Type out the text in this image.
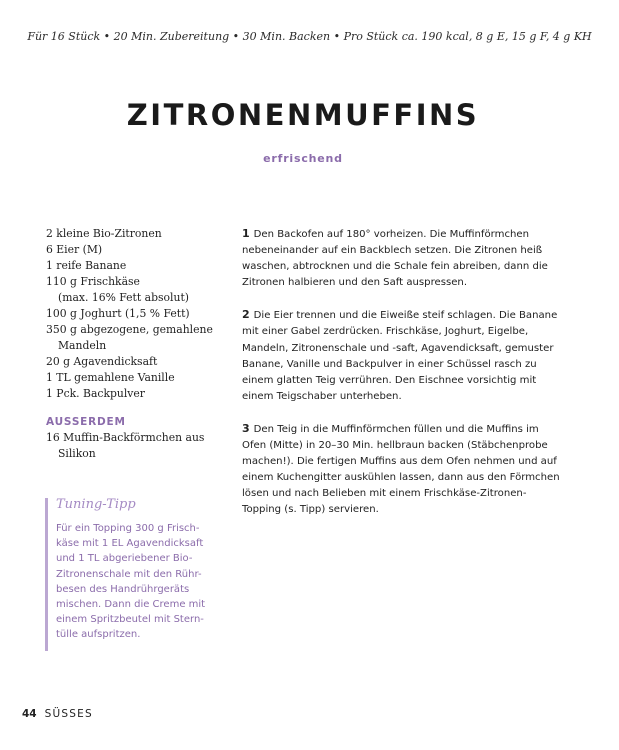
Für 16 Stück • 20 Min. Zubereitung • 30 Min. Backen • Pro Stück ca. 190 kcal, 8 g E, 15 g F, 4 g KH
ZITRONENMUFFINS
erfrischend
2 kleine Bio-Zitronen
6 Eier (M)
1 reife Banane
110 g Frischkäse
(max. 16% Fett absolut)
100 g Joghurt (1,5 % Fett)
350 g abgezogene, gemahlene
Mandeln
20 g Agavendicksaft
1 TL gemahlene Vanille
1 Pck. Backpulver
AUSSERDEM
16 Muffin-Backförmchen aus
Silikon
Tuning-Tipp
Für ein Topping 300 g Frisch-
käse mit 1 EL Agavendicksaft
und 1 TL abgeriebener Bio-
Zitronenschale mit den Rühr-
besen des Handrührgeräts
mischen. Dann die Creme mit
einem Spritzbeutel mit Stern-
tülle aufspritzen.
1 Den Backofen auf 180° vorheizen. Die Muffinförmchen
nebeneinander auf ein Backblech setzen. Die Zitronen heiß
waschen, abtrocknen und die Schale fein abreiben, dann die
Zitronen halbieren und den Saft auspressen.
2 Die Eier trennen und die Eiweiße steif schlagen. Die Banane
mit einer Gabel zerdrücken. Frischkäse, Joghurt, Eigelbe,
Mandeln, Zitronenschale und -saft, Agavendicksaft, gemuster
Banane, Vanille und Backpulver in einer Schüssel rasch zu
einem glatten Teig verrühren. Den Eischnee vorsichtig mit
einem Teigschaber unterheben.
3 Den Teig in die Muffinförmchen füllen und die Muffins im
Ofen (Mitte) in 20–30 Min. hellbraun backen (Stäbchenprobe
machen!). Die fertigen Muffins aus dem Ofen nehmen und auf
einem Kuchengitter auskühlen lassen, dann aus den Förmchen
lösen und nach Belieben mit einem Frischkäse-Zitronen-
Topping (s. Tipp) servieren.
44 SÜSSES
